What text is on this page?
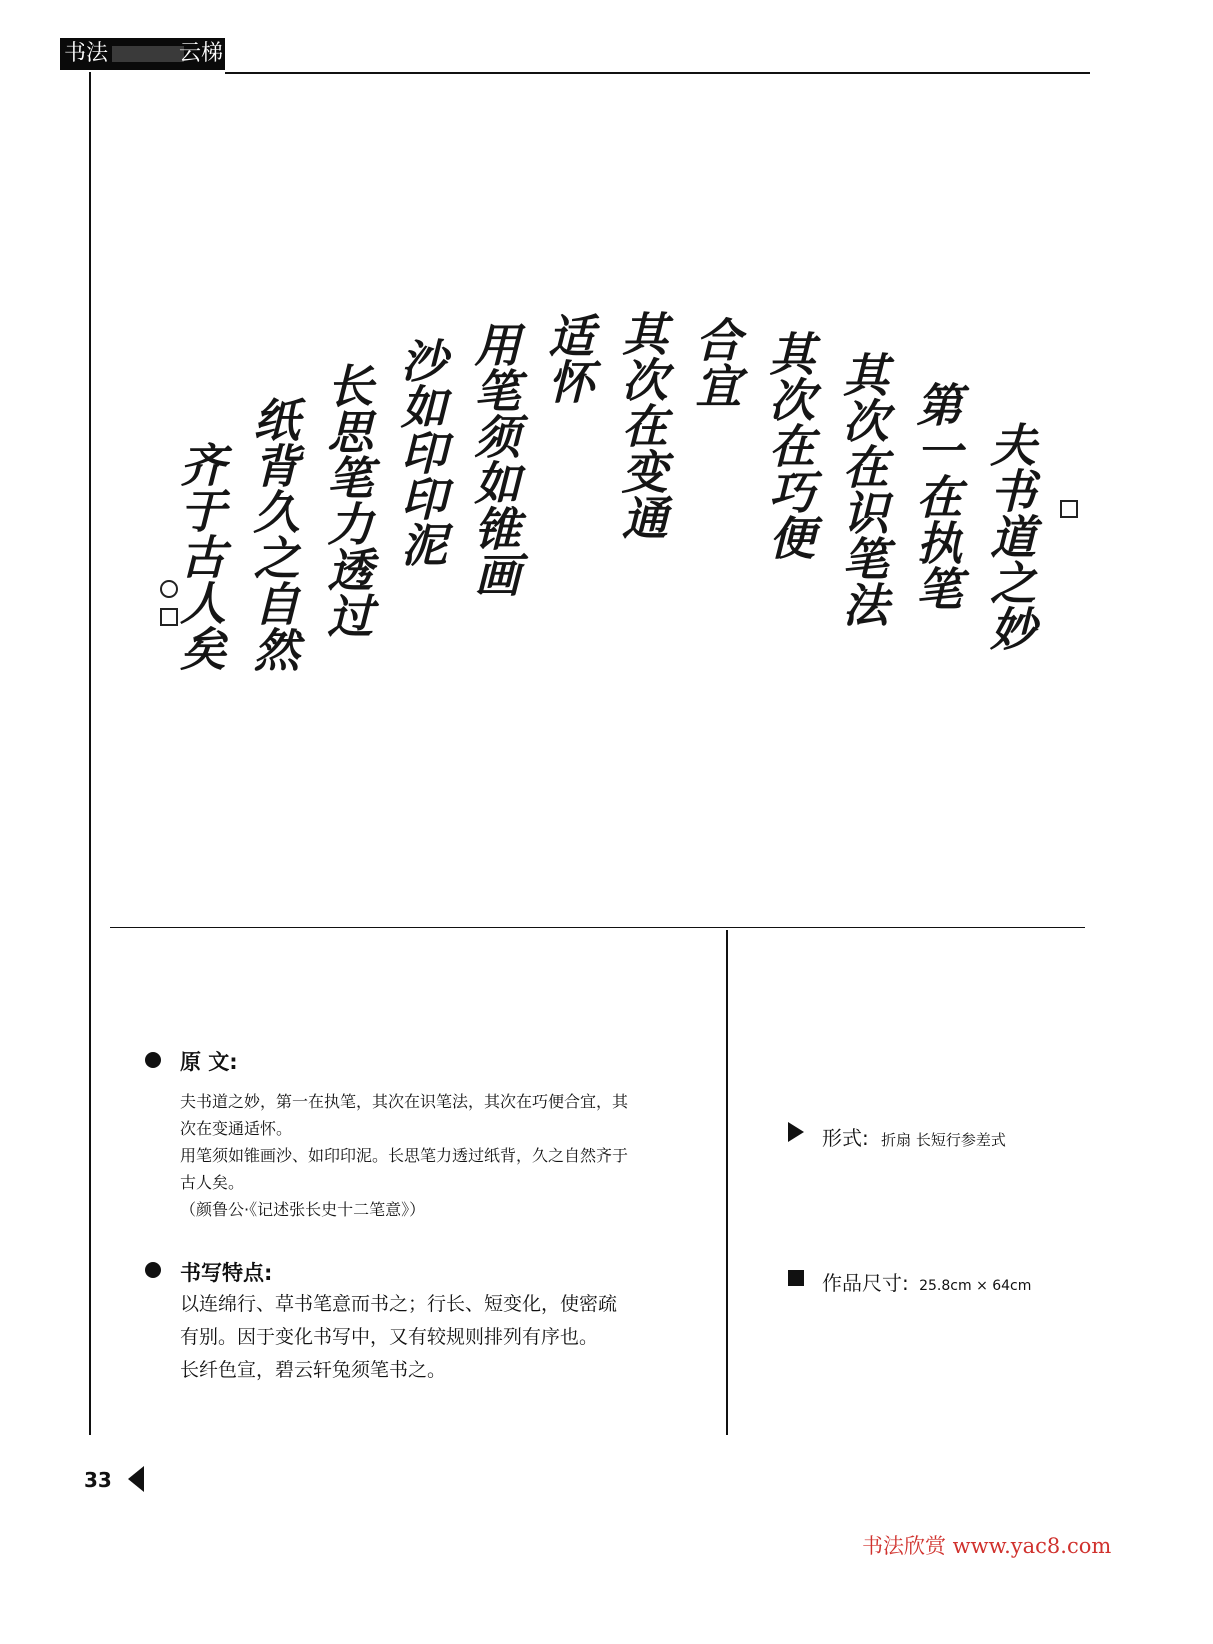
书法	云梯
夫书道之妙
第一在执笔
其次在识笔法
其次在巧便
合宜
其次在变通
适怀
用笔须如锥画
沙如印印泥
长思笔力透过
纸背久之自然
齐于古人矣
原 文:
夫书道之妙，第一在执笔，其次在识笔法，其次在巧便合宜，其
次在变通适怀。
用笔须如锥画沙、如印印泥。长思笔力透过纸背，久之自然齐于
古人矣。
（颜鲁公·《记述张长史十二笔意》）
书写特点:
以连绵行、草书笔意而书之；行长、短变化，使密疏
有别。因于变化书写中，又有较规则排列有序也。
长纤色宣，碧云轩兔须笔书之。
形式: 折扇 长短行参差式
作品尺寸: 25.8cm × 64cm
33
书法欣赏 www.yac8.com
